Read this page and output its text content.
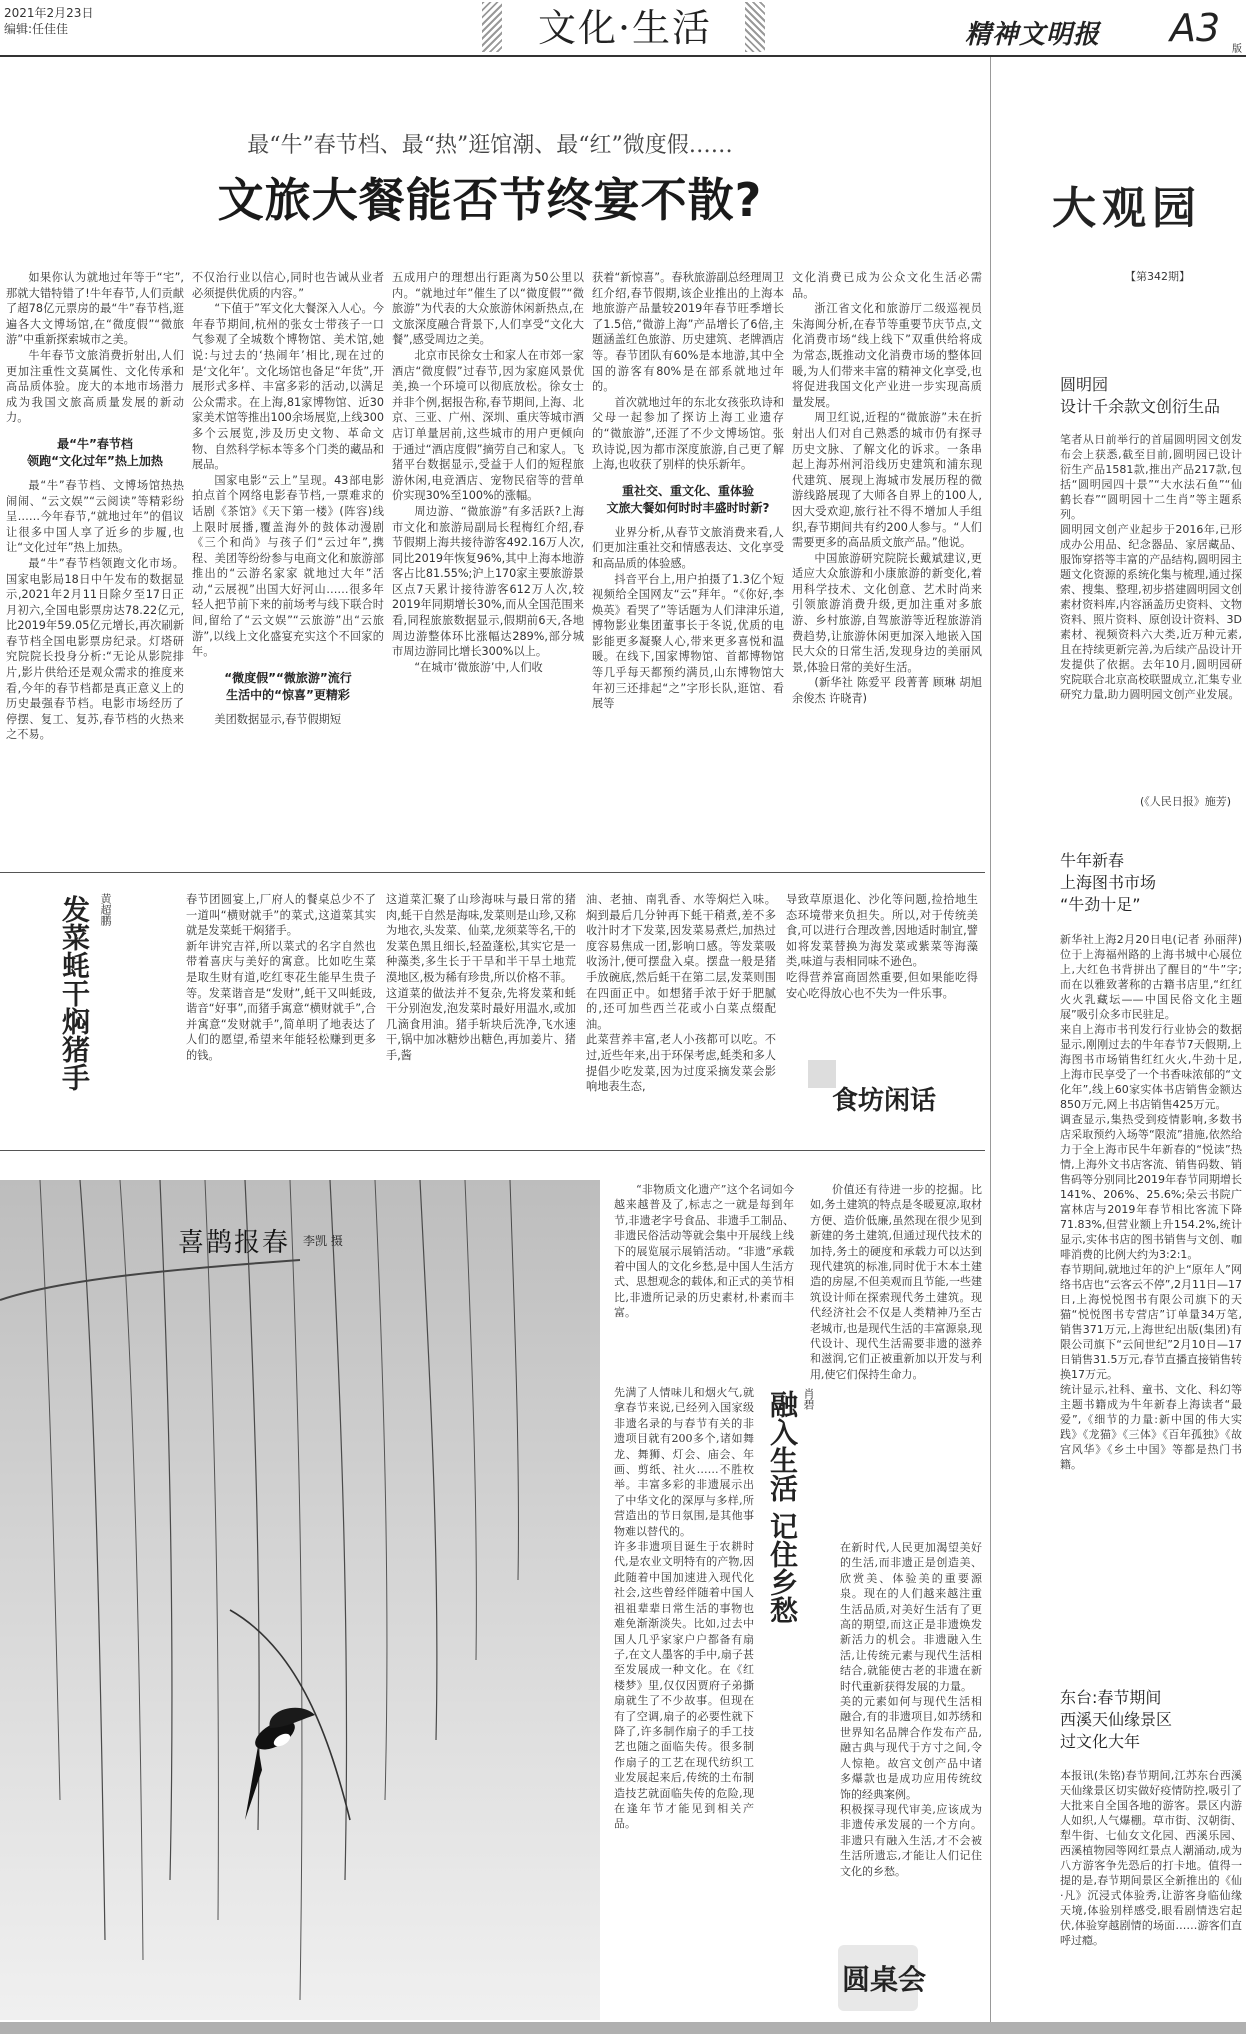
2021年2月23日
编辑:任佳佳	文化·生活	精神文明报 A3 版
最“牛”春节档、最“热”逛馆潮、最“红”微度假……
文旅大餐能否节终宴不散?

如果你认为就地过年等于“宅”,那就大错特错了!牛年春节,人们贡献了超78亿元票房的最“牛”春节档,逛遍各大文博场馆,在“微度假”“微旅游”中重新探索城市之美。

牛年春节文旅消费折射出,人们更加注重性文莫属性、文化传承和高品质体验。庞大的本地市场潜力成为我国文旅高质量发展的新动力。

最“牛”春节档
领跑“文化过年”热上加热

最“牛”春节档、文博场馆热热闹闹、“云文娱”“云阅读”等精彩纷呈……今年春节,“就地过年”的倡议让很多中国人享了近乡的步履,也让“文化过年”热上加热。

最“牛”春节档领跑文化市场。国家电影局18日中午发布的数据显示,2021年2月11日除夕至17日正月初六,全国电影票房达78.22亿元,比2019年59.05亿元增长,再次刷新春节档全国电影票房纪录。灯塔研究院院长投身分析:“无论从影院排片,影片供给还是观众需求的推度来看,今年的春节档都是真正意义上的历史最强春节档。电影市场经历了停摆、复工、复苏,春节档的火热来之不易。

不仅治行业以信心,同时也告诫从业者必须提供优质的内容。”

“下值于”军文化大餐深入人心。今年春节期间,杭州的张女士带孩子一口气参观了全城数个博物馆、美术馆,她说:与过去的‘热闹年’相比,现在过的是‘文化年’。文化场馆也备足“年货”,开展形式多样、丰富多彩的活动,以满足公众需求。在上海,81家博物馆、近30家美术馆等推出100余场展览,上线300多个云展览,涉及历史文物、革命文物、自然科学标本等多个门类的藏品和展品。

国家电影“云上”呈现。43部电影拍点首个网络电影春节档,一票难求的话剧《茶馆》《天下第一楼》(阵容)线上限时展播,覆盖海外的鼓体动漫剧《三个和尚》与孩子们“云过年”,携程、美团等纷纷参与电商文化和旅游部推出的“云游名家家 就地过大年”活动,“云展视”出国大好河山……很多年轻人把节前下来的前场考与线下联合时间,留给了“云文娱”“云旅游”出“云旅游”,以线上文化盛宴充实这个不回家的年。

“微度假”“微旅游”流行
生活中的“惊喜”更精彩

美团数据显示,春节假期短

五成用户的理想出行距离为50公里以内。“就地过年”催生了以“微度假”“微旅游”为代表的大众旅游休闲新热点,在文旅深度融合背景下,人们享受“文化大餐”,感受周边之美。

北京市民徐女士和家人在市郊一家酒店“微度假”过春节,因为家庭风景优美,换一个环境可以彻底放松。徐女士并非个例,据报告称,春节期间,上海、北京、三亚、广州、深圳、重庆等城市酒店订单量居前,这些城市的用户更倾向于通过“酒店度假”摘劳自己和家人。飞猪平台数据显示,受益于人们的短程旅游休闲,电竞酒店、宠物民宿等的营单价实现30%至100%的涨幅。

周边游、“微旅游”有多活跃?上海市文化和旅游局副局长程梅红介绍,春节假期上海共接待游客492.16万人次,同比2019年恢复96%,其中上海本地游客占比81.55%;沪上170家主要旅游景区点7天累计接待游客612万人次,较2019年同期增长30%,而从全国范围来看,同程旅旅数据显示,假期前6天,各地周边游整体环比涨幅达289%,部分城市周边游同比增长300%以上。

“在城市‘微旅游’中,人们收

获着“新惊喜”。春秋旅游副总经理周卫红介绍,春节假期,该企业推出的上海本地旅游产品量较2019年春节旺季增长了1.5倍,“微游上海”产品增长了6倍,主题涵盖红色旅游、历史建筑、老牌酒店等。春节团队有60%是本地游,其中全国的游客有80%是在部系就地过年的。

首次就地过年的东北女孩张玖诗和父母一起参加了探访上海工业遗存的“微旅游”,还涯了不少文博场馆。张玖诗说,因为都市深度旅游,自己更了解上海,也收获了别样的快乐新年。

重社交、重文化、重体验
文旅大餐如何时时丰盛时时新?

业界分析,从春节文旅消费来看,人们更加注重社交和情感表达、文化享受和高品质的体验感。

抖音平台上,用户拍摄了1.3亿个短视频给全国网友“云”拜年。“《你好,李焕英》看哭了”等话题为人们津津乐道,博物影业集团董事长于冬说,优质的电影能更多凝聚人心,带来更多喜悦和温暖。在线下,国家博物馆、首都博物馆等几乎每天都预约满员,山东博物馆大年初三还排起“之”字形长队,逛馆、看展等

文化消费已成为公众文化生活必需品。

浙江省文化和旅游厅二级巡视员朱海闽分析,在春节等重要节庆节点,文化消费市场“线上线下”双重供给将成为常态,既推动文化消费市场的整体回暖,为人们带来丰富的精神文化享受,也将促进我国文化产业进一步实现高质量发展。

周卫红说,近程的“微旅游”未在折射出人们对自己熟悉的城市仍有探寻历史文脉、了解文化的诉求。一条串起上海苏州河沿线历史建筑和浦东现代建筑、展现上海城市发展历程的微游线路展现了大师各自界上的100人,因大受欢迎,旅行社不得不增加人手组织,春节期间共有约200人参与。“人们需要更多的高品质文旅产品。”他说。

中国旅游研究院院长戴斌建议,更适应大众旅游和小康旅游的新变化,着用科学技术、文化创意、艺术时尚来引领旅游消费升级,更加注重对多旅游、乡村旅游,自驾旅游等近程旅游消费趋势,让旅游休闲更加深入地嵌入国民大众的日常生活,发现身边的美丽风景,体验日常的美好生活。

(新华社 陈爱平 段菁菁 顾琳 胡旭 余俊杰 许晓青)

发菜蚝干焖猪手 黄超鹏	春节团圆宴上,厂府人的餐桌总少不了一道叫“横财就手”的菜式,这道菜其实就是发菜蚝干焖猪手。
新年讲究吉祥,所以菜式的名字自然也带着喜庆与美好的寓意。比如吃生菜是取生财有道,吃红枣花生能早生贵子等。发菜谐音是“发财”,蚝干又叫蚝豉,谐音“好事”,而猪手寓意“横财就手”,合并寓意“发财就手”,简单明了地表达了人们的愿望,希望来年能轻松赚到更多的钱。
这道菜汇聚了山珍海味与最日常的猪肉,蚝干自然是海味,发菜则是山珍,又称为地衣,头发菜、仙菜,龙须菜等名,干的发菜色黑且细长,轻盈蓬松,其实它是一种藻类,多生长于干旱和半干旱土地荒漠地区,极为稀有珍贵,所以价格不菲。
这道菜的做法并不复杂,先将发菜和蚝干分别泡发,泡发菜时最好用温水,或加几滴食用油。猪手斩块后洗净,飞水速干,锅中加冰糖炒出糖色,再加姜片、猪手,酱
油、老抽、南乳香、水等焖烂入味。焖到最后几分钟再下蚝干稍煮,差不多收汁时才下发菜,因发菜易煮烂,加热过度容易焦成一团,影响口感。等发菜吸收汤汁,便可摆盘入桌。摆盘一般是猪手放碗底,然后蚝干在第二层,发菜则围在四面正中。如想猪手浓于好于肥腻的,还可加些西兰花或小白菜点缀配油。
此菜营养丰富,老人小孩都可以吃。不过,近些年来,出于环保考虑,蚝类和多人提倡少吃发菜,因为过度采摘发菜会影响地表生态,
导致草原退化、沙化等问题,捡拾地生态环境带来负担失。所以,对于传统美食,可以进行合理改善,因地适时制宜,譬如将发菜替换为海发菜或紫菜等海藻类,味道与表相同味不逊色。
吃得营养富商固然重要,但如果能吃得安心吃得放心也不失为一件乐事。
食坊闲话
喜鹊报春 李凯 摄
融入生活 记住乡愁 肖碧

“非物质文化遗产”这个名词如今越来越普及了,标志之一就是每到年节,非遗老字号食品、非遗手工制品、非遗民俗活动等就会集中开展线上线下的展览展示展销活动。“非遗”承载着中国人的文化乡愁,是中国人生活方式、思想观念的载体,和正式的美节相比,非遗所记录的历史素材,朴素而丰富。

先满了人情味儿和烟火气,就拿春节来说,已经列入国家级非遗名录的与春节有关的非遗项目就有200多个,诸如舞龙、舞狮、灯会、庙会、年画、剪纸、社火……不胜枚举。丰富多彩的非遗展示出了中华文化的深厚与多样,所营造出的节日氛围,是其他事物难以替代的。
许多非遗项目诞生于农耕时代,是农业文明特有的产物,因此随着中国加速进入现代化社会,这些曾经伴随着中国人祖祖辈辈日常生活的事物也难免渐渐淡失。比如,过去中国人几乎家家户户都备有扇子,在文人墨客的手中,扇子甚至发展成一种文化。在《红楼梦》里,仅仅因贾府子弟撕扇就生了不少故事。但现在有了空调,扇子的必要性就下降了,许多制作扇子的手工技艺也随之面临失传。很多制作扇子的工艺在现代纺织工业发展起来后,传统的土布制造技艺就面临失传的危险,现在逢年节才能见到相关产品。

价值还有待进一步的挖掘。比如,务土建筑的特点是冬暖夏凉,取材方便、造价低廉,虽然现在很少见到新建的务土建筑,但通过现代技术的加持,务土的硬度和承载力可以达到现代建筑的标准,同时优于木本土建造的房屋,不但美观而且节能,一些建筑设计师在探索现代务土建筑。现代经济社会不仅是人类精神乃至古老城市,也是现代生活的丰富源泉,现代设计、现代生活需要非遗的滋养和滋润,它们正被重新加以开发与利用,使它们保持生命力。

在新时代,人民更加渴望美好的生活,而非遗正是创造美、欣赏美、体验美的重要源泉。现在的人们越来越注重生活品质,对美好生活有了更高的期望,而这正是非遗焕发新活力的机会。非遗融入生活,让传统元素与现代生活相结合,就能使古老的非遗在新时代重新获得发展的力量。
美的元素如何与现代生活相融合,有的非遗项目,如苏绣和世界知名品牌合作发布产品,融古典与现代于方寸之间,令人惊艳。故宫文创产品中诸多爆款也是成功应用传统纹饰的经典案例。
积极探寻现代审美,应该成为非遗传承发展的一个方向。非遗只有融入生活,才不会被生活所遗忘,才能让人们记住文化的乡愁。
圆桌会
大观园
【第342期】
圆明园
设计千余款文创衍生品
笔者从日前举行的首届圆明园文创发布会上获悉,截至目前,圆明园已设计衍生产品1581款,推出产品217款,包括“圆明园四十景”“大水法石鱼”“仙鹤长春”“圆明园十二生肖”等主题系列。
圆明园文创产业起步于2016年,已形成办公用品、纪念器品、家居藏品、服饰穿搭等丰富的产品结构,圆明园主题文化资源的系统化集与梳理,通过探索、搜集、整理,初步搭建圆明园文创素材资料库,内容涵盖历史资料、文物资料、照片资料、原创设计资料、3D素材、视频资料六大类,近万种元素,且在持续更新完善,为后续产品设计开发提供了依据。去年10月,圆明园研究院联合北京高校联盟成立,汇集专业研究力量,助力圆明园文创产业发展。
(《人民日报》施芳)
牛年新春
上海图书市场
“牛劲十足”
新华社上海2月20日电(记者 孙丽萍)位于上海福州路的上海书城中心展位上,大红色书背拼出了醒目的“牛”字;而在以雅致著称的古籍书店里,“红红火火乳藏坛——中国民俗文化主题展”吸引众多市民驻足。
来自上海市书刊发行行业协会的数据显示,刚刚过去的牛年春节7天假期,上海图书市场销售红红火火,牛劲十足,上海市民享受了一个书香味浓郁的“文化年”,线上60家实体书店销售金额达850万元,网上书店销售425万元。
调查显示,集热受到疫情影响,多数书店采取预约入场等“限流”措施,依然给力于全上海市民牛年新春的“悦读”热情,上海外文书店客流、销售码数、销售码等分别同比2019年春节同期增长141%、206%、25.6%;朵云书院广富林店与2019年春节相比客流下降71.83%,但营业额上升154.2%,统计显示,实体书店的图书销售与文创、咖啡消费的比例大约为3:2:1。
春节期间,就地过年的沪上“原年人”网络书店也“云客云不停”,2月11日—17日,上海悦悦图书有限公司旗下的天猫“悦悦图书专营店”订单量34万笔,销售371万元,上海世纪出版(集团)有限公司旗下“云间世纪”2月10日—17日销售31.5万元,春节直播直接销售转换17万元。
统计显示,社科、童书、文化、科幻等主题书籍成为牛年新春上海读者“最爱”,《细节的力量:新中国的伟大实践》《龙猫》《三体》《百年孤独》《故宫风华》《乡土中国》等都是热门书籍。
东台:春节期间
西溪天仙缘景区
过文化大年
本报讯(朱铭)春节期间,江苏东台西溪天仙缘景区切实做好疫情防控,吸引了大批来自全国各地的游客。景区内游人如织,人气爆棚。草市街、汉朝街、犁牛街、七仙女文化园、西溪乐园、西溪植物园等网红景点人潮涌动,成为八方游客争先恐后的打卡地。值得一提的是,春节期间景区全新推出的《仙·凡》沉浸式体验秀,让游客身临仙缘天境,体验别样感受,眼看剧情迭宕起伏,体验穿越剧情的场面……游客们直呼过瘾。
